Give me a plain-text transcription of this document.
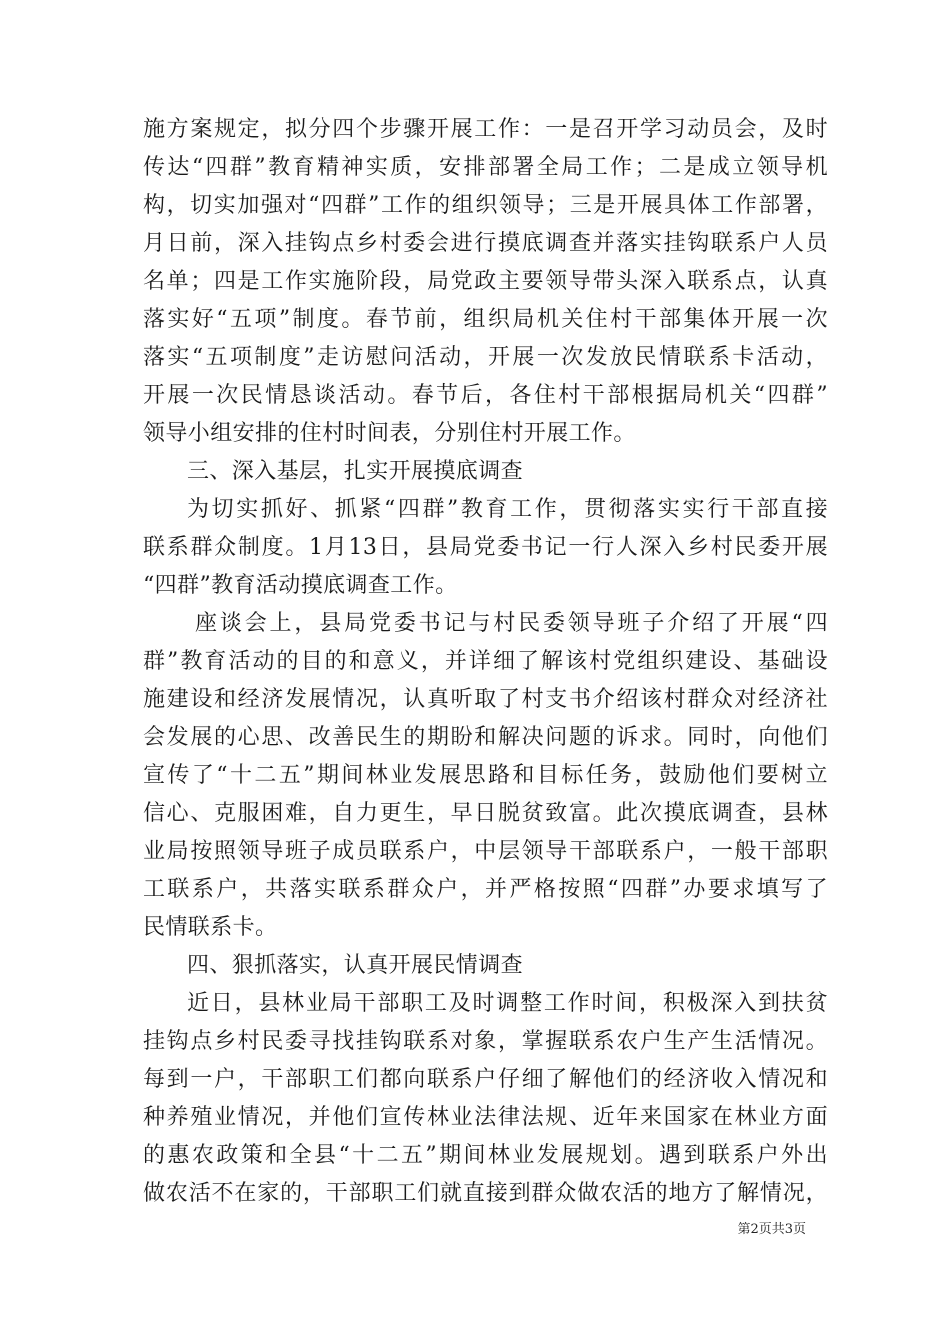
施方案规定，拟分四个步骤开展工作：一是召开学习动员会，及时
传达“四群”教育精神实质，安排部署全局工作；二是成立领导机
构，切实加强对“四群”工作的组织领导；三是开展具体工作部署，
月日前，深入挂钩点乡村委会进行摸底调查并落实挂钩联系户人员
名单；四是工作实施阶段，局党政主要领导带头深入联系点，认真
落实好“五项”制度。春节前，组织局机关住村干部集体开展一次
落实“五项制度”走访慰问活动，开展一次发放民情联系卡活动，
开展一次民情恳谈活动。春节后，各住村干部根据局机关“四群”
领导小组安排的住村时间表，分别住村开展工作。
三、深入基层，扎实开展摸底调查
为切实抓好、抓紧“四群”教育工作，贯彻落实实行干部直接
联系群众制度。1月13日，县局党委书记一行人深入乡村民委开展
“四群”教育活动摸底调查工作。
座谈会上，县局党委书记与村民委领导班子介绍了开展“四
群”教育活动的目的和意义，并详细了解该村党组织建设、基础设
施建设和经济发展情况，认真听取了村支书介绍该村群众对经济社
会发展的心思、改善民生的期盼和解决问题的诉求。同时，向他们
宣传了“十二五”期间林业发展思路和目标任务，鼓励他们要树立
信心、克服困难，自力更生，早日脱贫致富。此次摸底调查，县林
业局按照领导班子成员联系户，中层领导干部联系户，一般干部职
工联系户，共落实联系群众户，并严格按照“四群”办要求填写了
民情联系卡。
四、狠抓落实，认真开展民情调查
近日，县林业局干部职工及时调整工作时间，积极深入到扶贫
挂钩点乡村民委寻找挂钩联系对象，掌握联系农户生产生活情况。
每到一户，干部职工们都向联系户仔细了解他们的经济收入情况和
种养殖业情况，并他们宣传林业法律法规、近年来国家在林业方面
的惠农政策和全县“十二五”期间林业发展规划。遇到联系户外出
做农活不在家的，干部职工们就直接到群众做农活的地方了解情况，
第2页共3页
